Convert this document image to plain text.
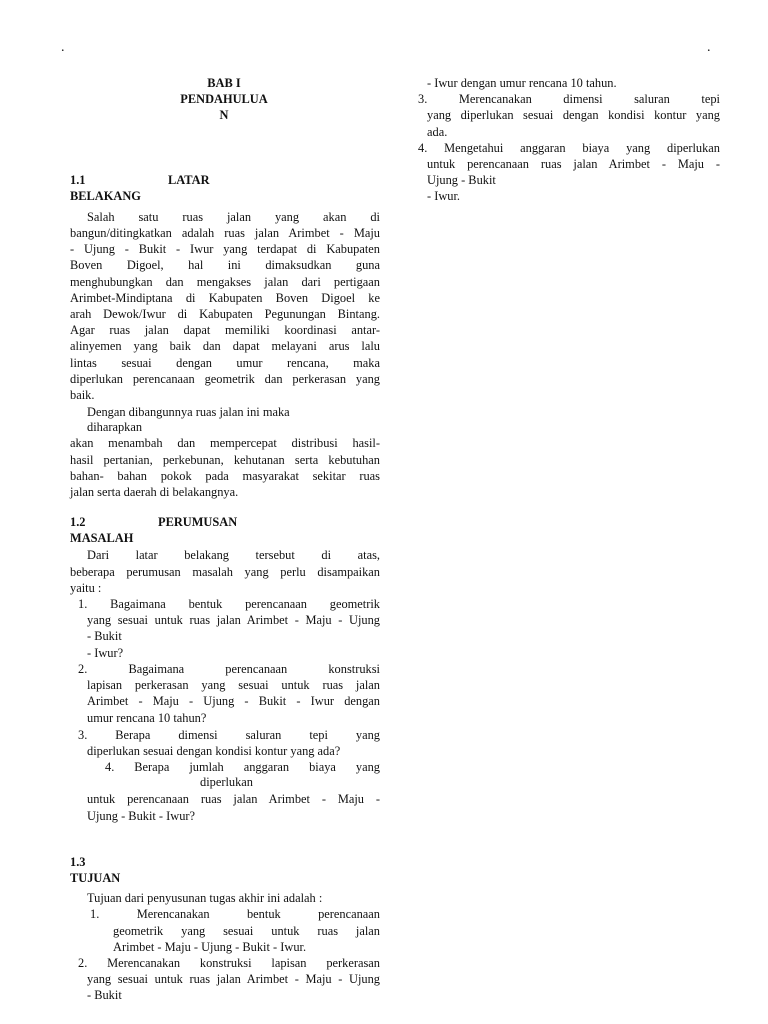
.	.
BAB I
PENDAHULUA
N
1.1	LATAR
BELAKANG
Salah satu ruas jalan yang akan di
bangun/ditingkatkan adalah ruas jalan Arimbet - Maju
- Ujung - Bukit - Iwur yang terdapat di Kabupaten
Boven Digoel, hal ini dimaksudkan guna
menghubungkan dan mengakses jalan dari pertigaan
Arimbet-Mindiptana di Kabupaten Boven Digoel ke
arah Dewok/Iwur di Kabupaten Pegunungan Bintang.
Agar ruas jalan dapat memiliki koordinasi antar-
alinyemen yang baik dan dapat melayani arus lalu
lintas sesuai dengan umur rencana, maka
diperlukan perencanaan geometrik dan perkerasan yang
baik.
Dengan dibangunnya ruas jalan ini maka
diharapkan
akan menambah dan mempercepat distribusi hasil-
hasil pertanian, perkebunan, kehutanan serta kebutuhan
bahan- bahan pokok pada masyarakat sekitar ruas
jalan serta daerah di belakangnya.
1.2	PERUMUSAN
MASALAH
Dari latar belakang tersebut di atas,
beberapa perumusan masalah yang perlu disampaikan
yaitu :
1. Bagaimana bentuk perencanaan geometrik
yang sesuai untuk ruas jalan Arimbet - Maju - Ujung
- Bukit
- Iwur?
2.	Bagaimana perencanaan konstruksi
lapisan perkerasan yang sesuai untuk ruas jalan
Arimbet - Maju - Ujung - Bukit - Iwur dengan
umur rencana 10 tahun?
3. Berapa dimensi saluran tepi yang
diperlukan sesuai dengan kondisi kontur yang ada?
4. Berapa jumlah anggaran biaya yang
diperlukan
untuk perencanaan ruas jalan Arimbet - Maju -
Ujung - Bukit - Iwur?
1.3
TUJUAN
Tujuan dari penyusunan tugas akhir ini adalah :
1.	Merencanakan bentuk perencanaan
geometrik yang sesuai untuk ruas jalan
Arimbet - Maju - Ujung - Bukit - Iwur.
2. Merencanakan konstruksi lapisan perkerasan
yang sesuai untuk ruas jalan Arimbet - Maju - Ujung
- Bukit
- Iwur dengan umur rencana 10 tahun.
3.	Merencanakan dimensi saluran tepi
yang diperlukan sesuai dengan kondisi kontur yang
ada.
4. Mengetahui anggaran biaya yang diperlukan
untuk perencanaan ruas jalan Arimbet - Maju -
Ujung - Bukit
- Iwur.
